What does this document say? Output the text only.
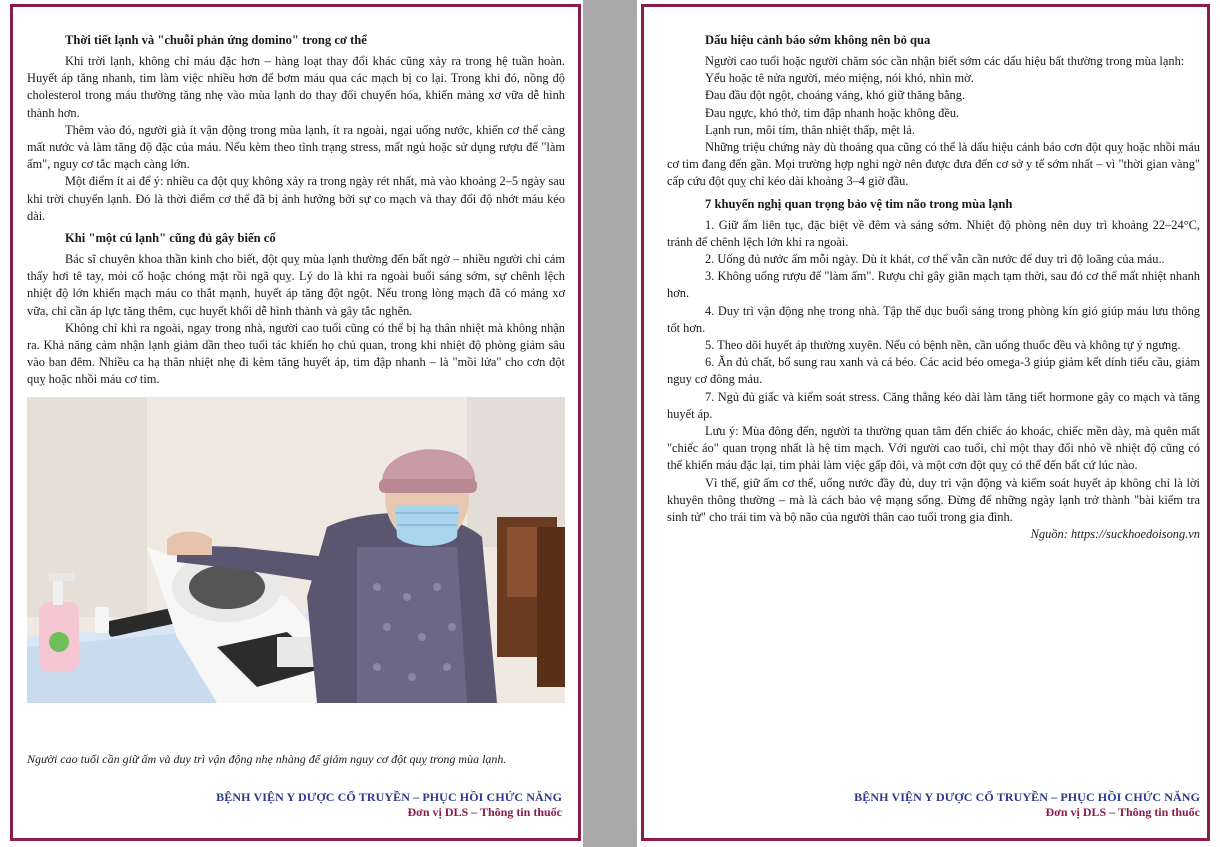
Thời tiết lạnh và "chuỗi phản ứng domino" trong cơ thể

Khi trời lạnh, không chỉ máu đặc hơn – hàng loạt thay đổi khác cũng xảy ra trong hệ tuần hoàn. Huyết áp tăng nhanh, tim làm việc nhiều hơn để bơm máu qua các mạch bị co lại. Trong khi đó, nồng độ cholesterol trong máu thường tăng nhẹ vào mùa lạnh do thay đổi chuyển hóa, khiến mảng xơ vữa dễ hình thành hơn.

Thêm vào đó, người già ít vận động trong mùa lạnh, ít ra ngoài, ngại uống nước, khiến cơ thể càng mất nước và làm tăng độ đặc của máu. Nếu kèm theo tình trạng stress, mất ngủ hoặc sử dụng rượu để "làm ấm", nguy cơ tắc mạch càng lớn.

Một điểm ít ai để ý: nhiều ca đột quỵ không xảy ra trong ngày rét nhất, mà vào khoảng 2–5 ngày sau khi trời chuyển lạnh. Đó là thời điểm cơ thể đã bị ảnh hưởng bởi sự co mạch và thay đổi độ nhớt máu kéo dài.

Khi "một cú lạnh" cũng đủ gây biến cố

Bác sĩ chuyên khoa thần kinh cho biết, đột quỵ mùa lạnh thường đến bất ngờ – nhiều người chỉ cảm thấy hơi tê tay, mỏi cổ hoặc chóng mặt rồi ngã quỵ. Lý do là khi ra ngoài buổi sáng sớm, sự chênh lệch nhiệt độ lớn khiến mạch máu co thắt mạnh, huyết áp tăng đột ngột. Nếu trong lòng mạch đã có mảng xơ vữa, chỉ cần áp lực tăng thêm, cục huyết khối dễ hình thành và gây tắc nghẽn.

Không chỉ khi ra ngoài, ngay trong nhà, người cao tuổi cũng có thể bị hạ thân nhiệt mà không nhận ra. Khả năng cảm nhận lạnh giảm dần theo tuổi tác khiến họ chủ quan, trong khi nhiệt độ phòng giảm sâu vào ban đêm. Nhiều ca hạ thân nhiệt nhẹ đi kèm tăng huyết áp, tim đập nhanh – là "mồi lửa" cho cơn đột quỵ hoặc nhồi máu cơ tim.

Người cao tuổi cần giữ ấm và duy trì vận động nhẹ nhàng để giảm nguy cơ đột quỵ trong mùa lạnh.
BỆNH VIỆN Y DƯỢC CỔ TRUYỀN – PHỤC HỒI CHỨC NĂNG
Đơn vị DLS – Thông tin thuốc
Dấu hiệu cảnh báo sớm không nên bỏ qua

Người cao tuổi hoặc người chăm sóc cần nhận biết sớm các dấu hiệu bất thường trong mùa lạnh:

Yếu hoặc tê nửa người, méo miệng, nói khó, nhìn mờ.

Đau đầu đột ngột, choáng váng, khó giữ thăng bằng.

Đau ngực, khó thở, tim đập nhanh hoặc không đều.

Lạnh run, môi tím, thân nhiệt thấp, mệt lả.

Những triệu chứng này dù thoáng qua cũng có thể là dấu hiệu cảnh báo cơn đột quỵ hoặc nhồi máu cơ tim đang đến gần. Mọi trường hợp nghi ngờ nên được đưa đến cơ sở y tế sớm nhất – vì "thời gian vàng" cấp cứu đột quỵ chỉ kéo dài khoảng 3–4 giờ đầu.

7 khuyến nghị quan trọng bảo vệ tim não trong mùa lạnh

1. Giữ ấm liên tục, đặc biệt về đêm và sáng sớm. Nhiệt độ phòng nên duy trì khoảng 22–24°C, tránh để chênh lệch lớn khi ra ngoài.

2. Uống đủ nước ấm mỗi ngày. Dù ít khát, cơ thể vẫn cần nước để duy trì độ loãng của máu..

3. Không uống rượu để "làm ấm". Rượu chỉ gây giãn mạch tạm thời, sau đó cơ thể mất nhiệt nhanh hơn.

4. Duy trì vận động nhẹ trong nhà. Tập thể dục buổi sáng trong phòng kín gió giúp máu lưu thông tốt hơn.

5. Theo dõi huyết áp thường xuyên. Nếu có bệnh nền, cần uống thuốc đều và không tự ý ngưng.

6. Ăn đủ chất, bổ sung rau xanh và cá béo. Các acid béo omega-3 giúp giảm kết dính tiểu cầu, giảm nguy cơ đông máu.

7. Ngủ đủ giấc và kiểm soát stress. Căng thẳng kéo dài làm tăng tiết hormone gây co mạch và tăng huyết áp.

Lưu ý: Mùa đông đến, người ta thường quan tâm đến chiếc áo khoác, chiếc mền dày, mà quên mất "chiếc áo" quan trọng nhất là hệ tim mạch. Với người cao tuổi, chỉ một thay đổi nhỏ về nhiệt độ cũng có thể khiến máu đặc lại, tim phải làm việc gấp đôi, và một cơn đột quỵ có thể đến bất cứ lúc nào.

Vì thế, giữ ấm cơ thể, uống nước đầy đủ, duy trì vận động và kiểm soát huyết áp không chỉ là lời khuyên thông thường – mà là cách bảo vệ mạng sống. Đừng để những ngày lạnh trở thành "bài kiểm tra sinh tử" cho trái tim và bộ não của người thân cao tuổi trong gia đình.

Nguồn: https://suckhoedoisong.vn

BỆNH VIỆN Y DƯỢC CỔ TRUYỀN – PHỤC HỒI CHỨC NĂNG
Đơn vị DLS – Thông tin thuốc
